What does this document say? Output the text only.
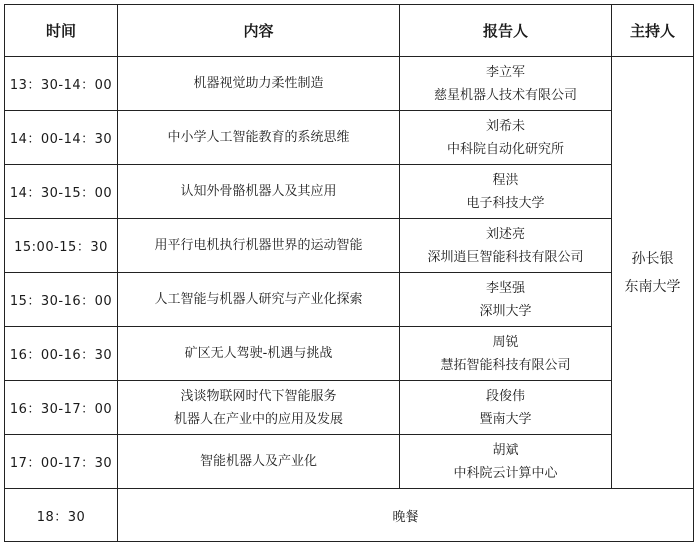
时间	内容	报告人	主持人
13：30-14：00	机器视觉助力柔性制造	李立军
慈星机器人技术有限公司	孙长银
东南大学

14：00-14：30	中小学人工智能教育的系统思维	刘希未
中科院自动化研究所	

14：30-15：00	认知外骨骼机器人及其应用	程洪
电子科技大学	

15:00-15：30	用平行电机执行机器世界的运动智能	刘述亮
深圳逍巨智能科技有限公司	

15：30-16：00	人工智能与机器人研究与产业化探索	李坚强
深圳大学	

16：00-16：30	矿区无人驾驶-机遇与挑战	周锐
慧拓智能科技有限公司	

16：30-17：00	浅谈物联网时代下智能服务
机器人在产业中的应用及发展	段俊伟
暨南大学	

17：00-17：30	智能机器人及产业化	胡斌
中科院云计算中心	

18：30	晚餐		
